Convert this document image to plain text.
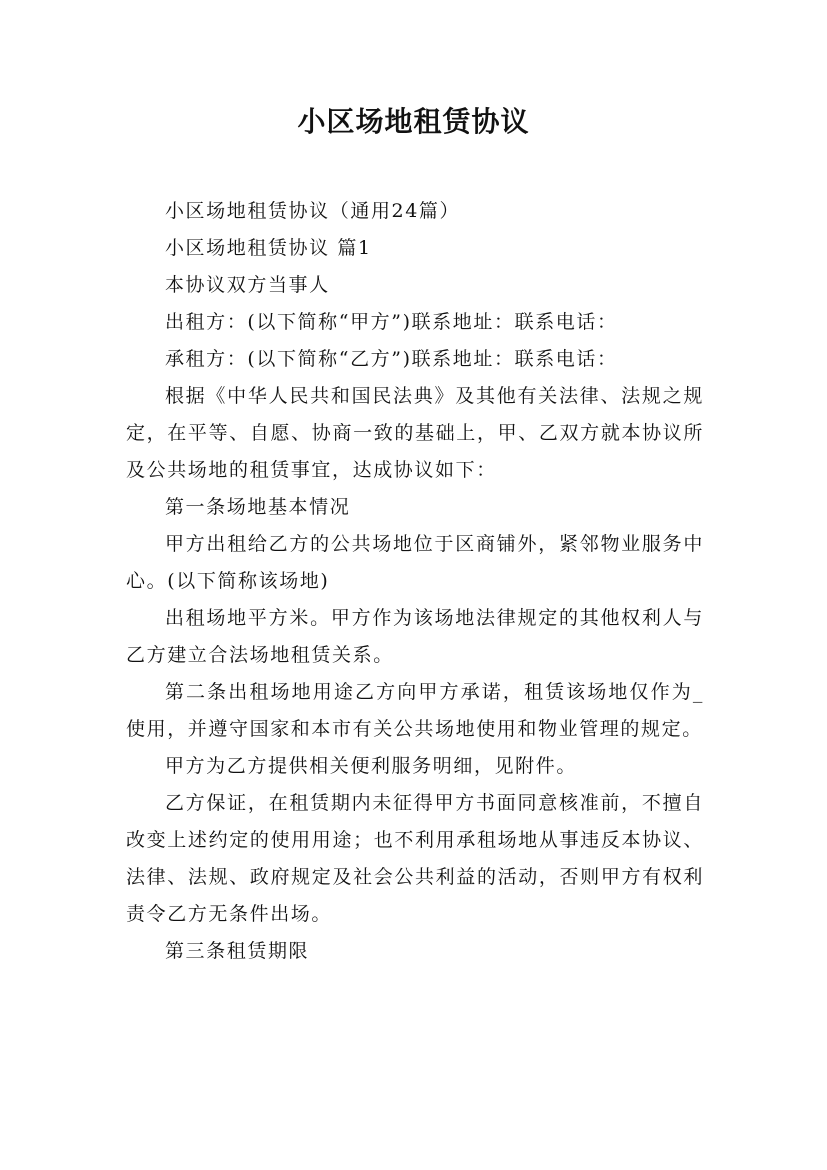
小区场地租赁协议

小区场地租赁协议（通用24篇）

小区场地租赁协议 篇1

本协议双方当事人

出租方：(以下简称“甲方”)联系地址：联系电话：

承租方：(以下简称“乙方”)联系地址：联系电话：

根据《中华人民共和国民法典》及其他有关法律、法规之规定，在平等、自愿、协商一致的基础上，甲、乙双方就本协议所及公共场地的租赁事宜，达成协议如下：

第一条场地基本情况

甲方出租给乙方的公共场地位于区商铺外，紧邻物业服务中心。(以下简称该场地)

出租场地平方米。甲方作为该场地法律规定的其他权利人与乙方建立合法场地租赁关系。

第二条出租场地用途乙方向甲方承诺，租赁该场地仅作为_使用，并遵守国家和本市有关公共场地使用和物业管理的规定。

甲方为乙方提供相关便利服务明细，见附件。

乙方保证，在租赁期内未征得甲方书面同意核准前，不擅自改变上述约定的使用用途；也不利用承租场地从事违反本协议、法律、法规、政府规定及社会公共利益的活动，否则甲方有权利责令乙方无条件出场。

第三条租赁期限
